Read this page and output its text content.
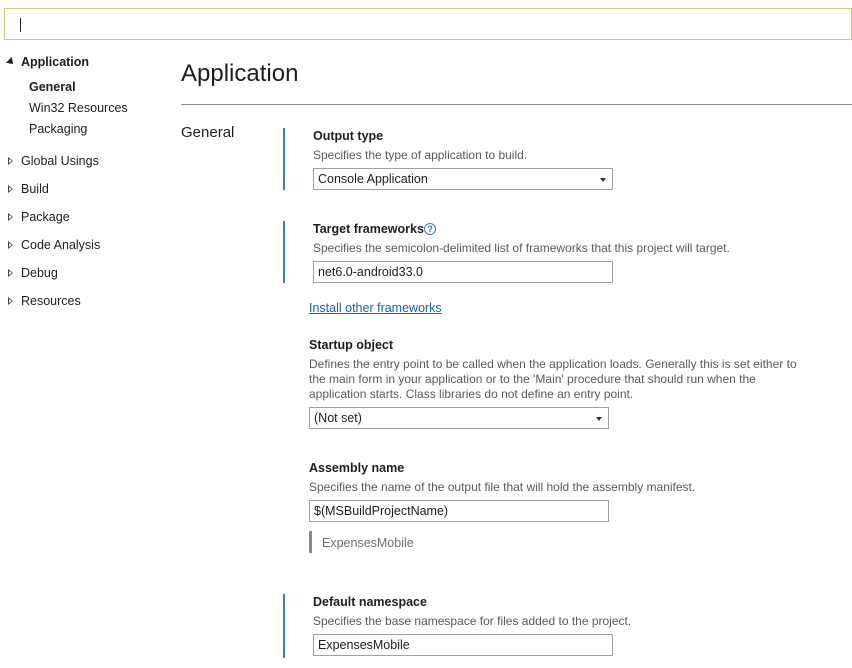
Application
General
Win32 Resources
Packaging
Global Usings
Build
Package
Code Analysis
Debug
Resources
Application
General	Output type
Specifies the type of application to build.
Console Application
Target frameworks ?
Specifies the semicolon-delimited list of frameworks that this project will target.
net6.0-android33.0
Install other frameworks
Startup object
Defines the entry point to be called when the application loads. Generally this is set either to the main form in your application or to the 'Main' procedure that should run when the application starts. Class libraries do not define an entry point.
(Not set)
Assembly name
Specifies the name of the output file that will hold the assembly manifest.
$(MSBuildProjectName)
ExpensesMobile
Default namespace
Specifies the base namespace for files added to the project.
ExpensesMobile
